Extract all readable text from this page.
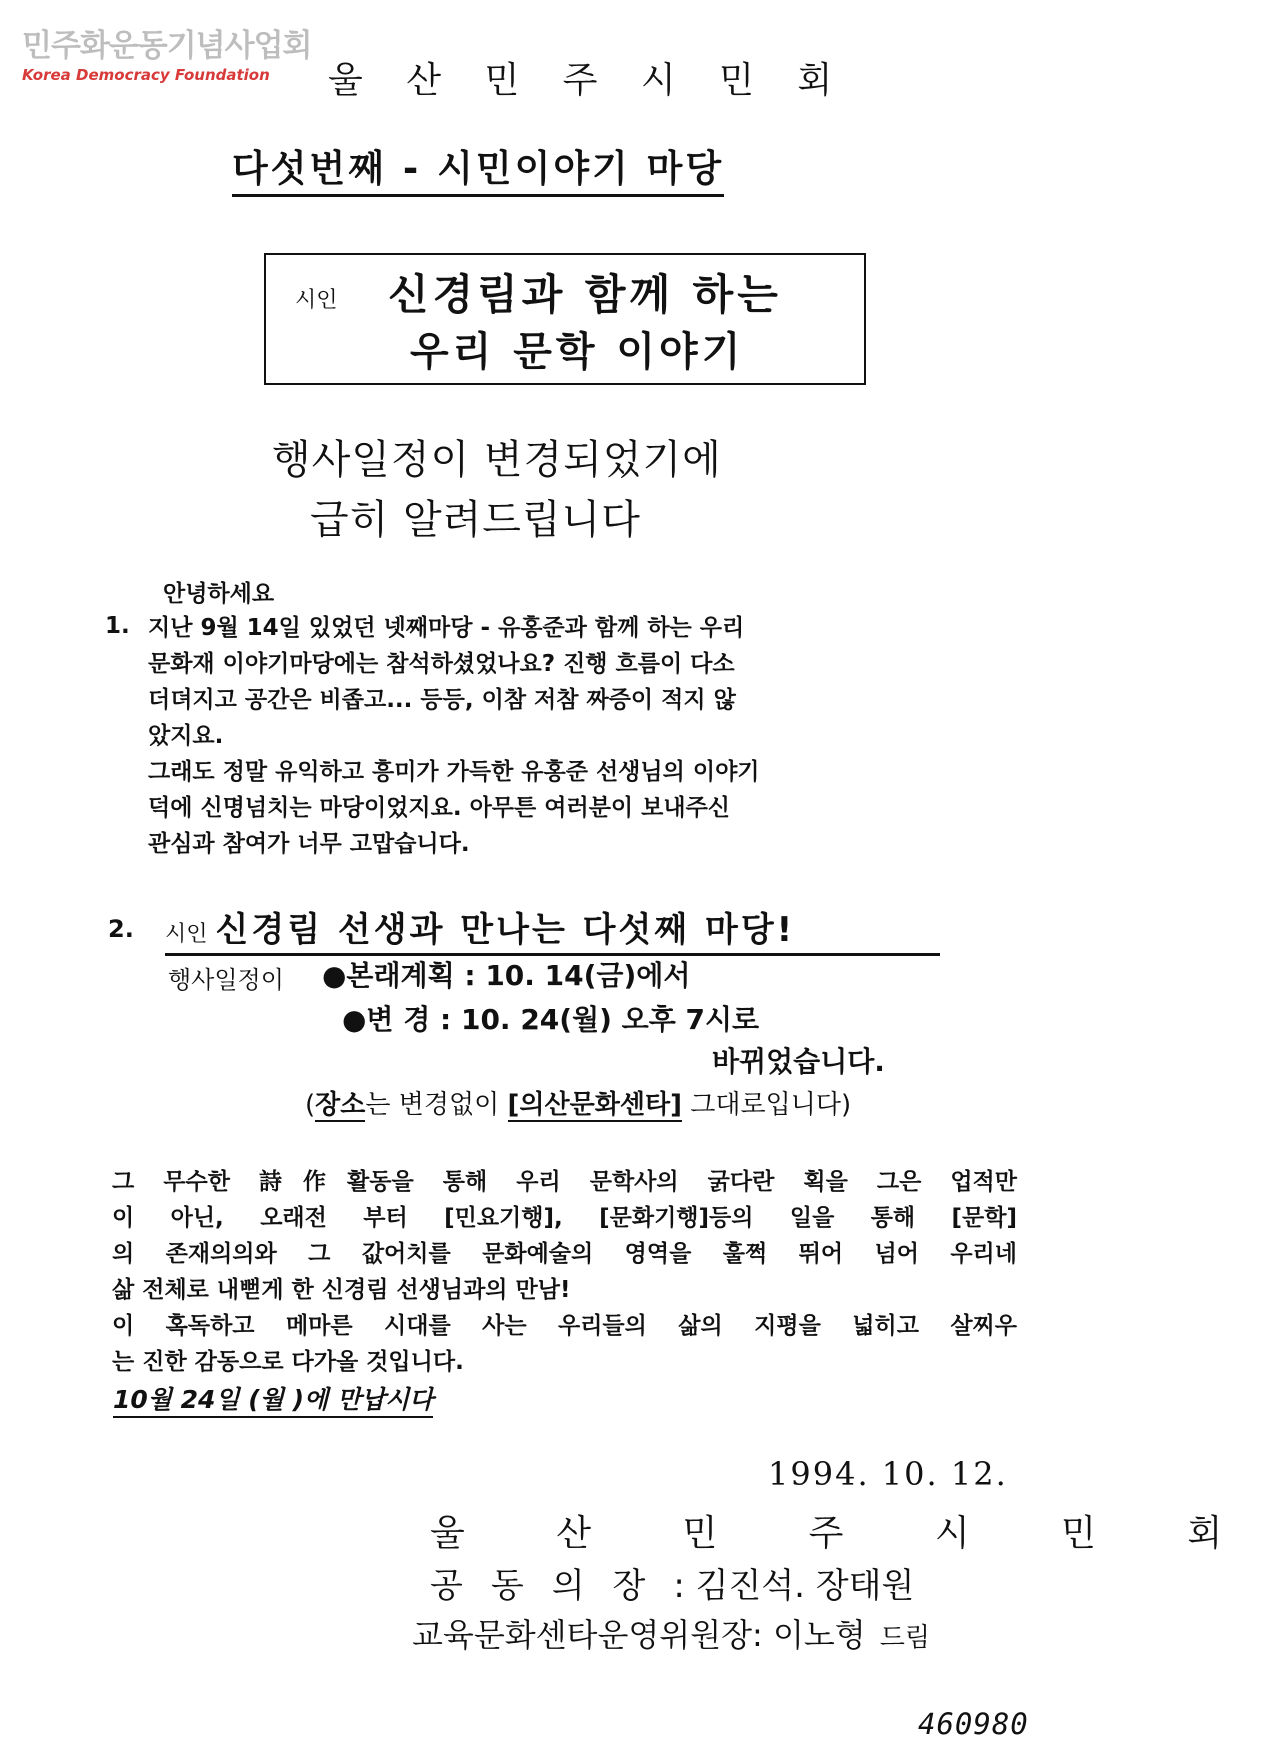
민주화운동기념사업회
Korea Democracy Foundation 울 산 민 주 시 민 회
다섯번째 - 시민이야기 마당
시인 신경림과 함께 하는
우리 문학 이야기
행사일정이 변경되었기에
급히 알려드립니다
안녕하세요
1. 지난 9월 14일 있었던 넷째마당 - 유홍준과 함께 하는 우리
문화재 이야기마당에는 참석하셨었나요? 진행 흐름이 다소
더뎌지고 공간은 비좁고... 등등, 이참 저참 짜증이 적지 않
았지요.
그래도 정말 유익하고 흥미가 가득한 유홍준 선생님의 이야기
덕에 신명넘치는 마당이었지요. 아무튼 여러분이 보내주신
관심과 참여가 너무 고맙습니다.
2. 시인 신경림 선생과 만나는 다섯째 마당!
행사일정이 ●본래계획 : 10. 14(금)에서
●변 경 : 10. 24(월) 오후 7시로
바뀌었습니다.
(장소는 변경없이 [의산문화센타] 그대로입니다)
그 무수한 詩作활동을 통해 우리 문학사의 굵다란 획을 그은 업적만
이 아닌, 오래전 부터 [민요기행], [문화기행]등의 일을 통해 [문학]
의 존재의의와 그 값어치를 문화예술의 영역을 훌쩍 뛰어 넘어 우리네
삶 전체로 내뻗게 한 신경림 선생님과의 만남!
이 혹독하고 메마른 시대를 사는 우리들의 삶의 지평을 넓히고 살찌우
는 진한 감동으로 다가올 것입니다.
10월 24일 (월 )에 만납시다
1994. 10. 12.
울 산 민 주 시 민 회
공동의장: 김진석. 장태원
교육문화센타운영위원장: 이노형 드림
460980
